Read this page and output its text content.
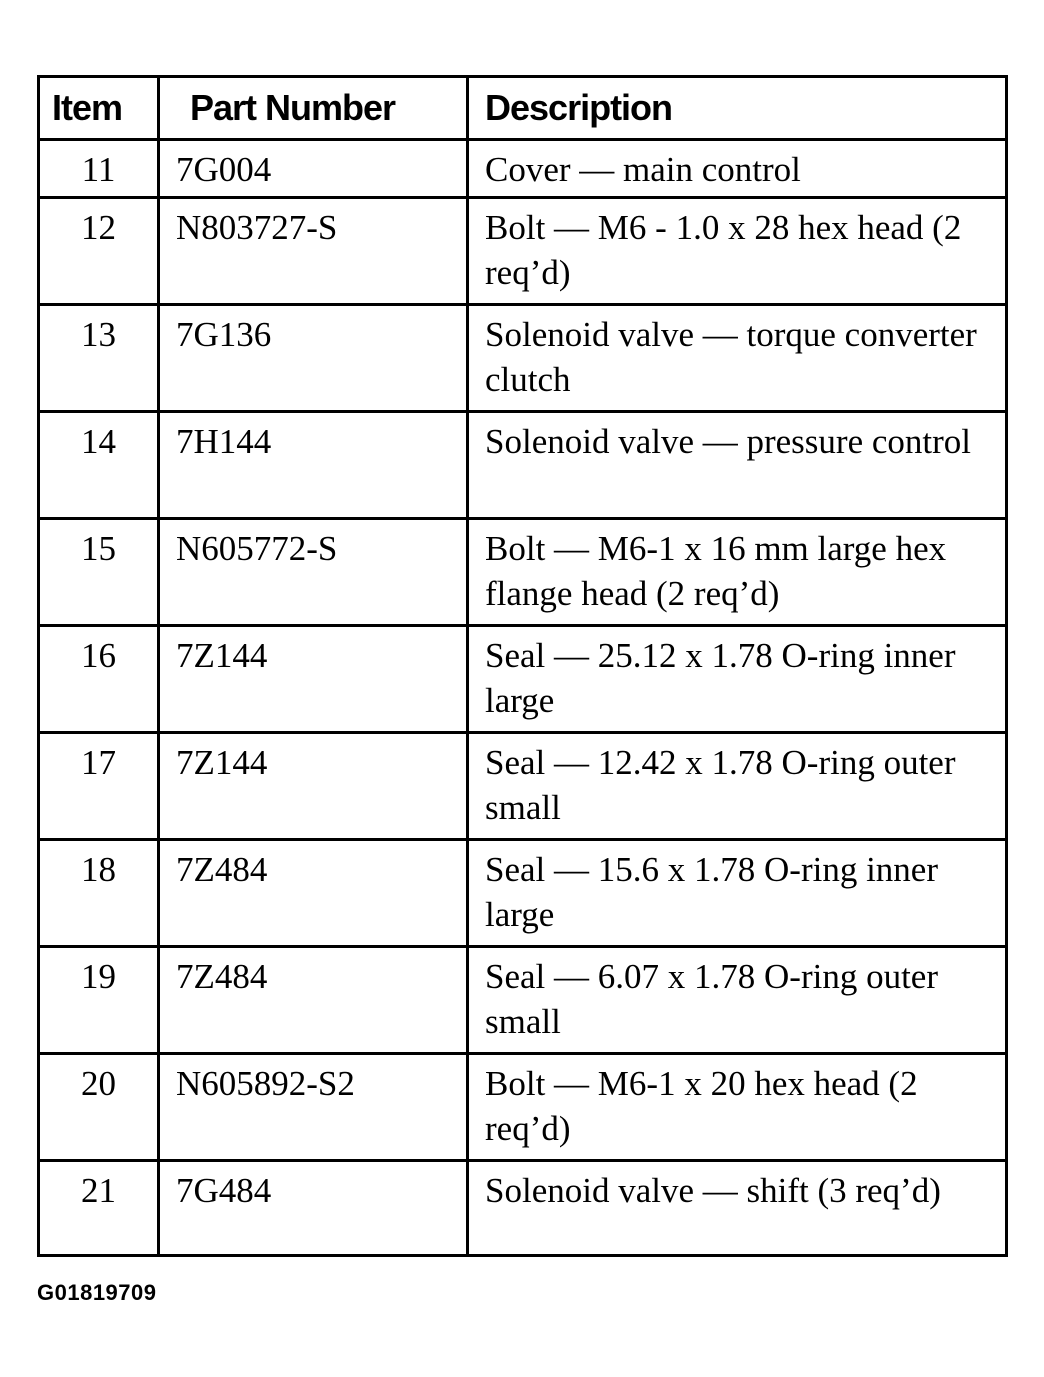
Item	Part Number	Description
11	7G004	Cover — main control
12	N803727-S	Bolt — M6 - 1.0 x 28 hex head (2 req’d)
13	7G136	Solenoid valve — torque converter clutch
14	7H144	Solenoid valve — pressure control
15	N605772-S	Bolt — M6-1 x 16 mm large hex flange head (2 req’d)
16	7Z144	Seal — 25.12 x 1.78 O-ring inner large
17	7Z144	Seal — 12.42 x 1.78 O-ring outer small
18	7Z484	Seal — 15.6 x 1.78 O-ring inner large
19	7Z484	Seal — 6.07 x 1.78 O-ring outer small
20	N605892-S2	Bolt — M6-1 x 20 hex head (2 req’d)
21	7G484	Solenoid valve — shift (3 req’d)
G01819709
